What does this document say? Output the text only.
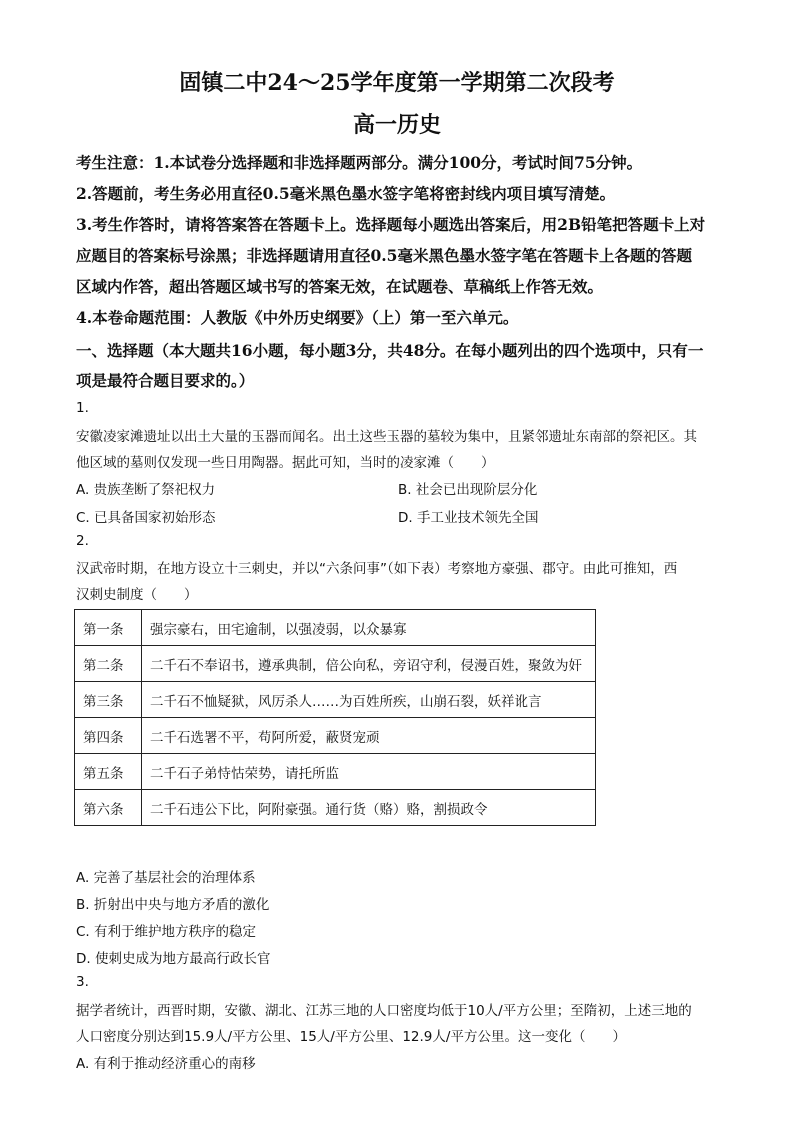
固镇二中24～25学年度第一学期第二次段考
高一历史
考生注意：1.本试卷分选择题和非选择题两部分。满分100分，考试时间75分钟。
2.答题前，考生务必用直径0.5毫米黑色墨水签字笔将密封线内项目填写清楚。
3.考生作答时，请将答案答在答题卡上。选择题每小题选出答案后，用2B铅笔把答题卡上对
应题目的答案标号涂黑；非选择题请用直径0.5毫米黑色墨水签字笔在答题卡上各题的答题
区域内作答，超出答题区域书写的答案无效，在试题卷、草稿纸上作答无效。
4.本卷命题范围：人教版《中外历史纲要》（上）第一至六单元。
一、选择题（本大题共16小题，每小题3分，共48分。在每小题列出的四个选项中，只有一
项是最符合题目要求的。）
1.
安徽凌家滩遗址以出土大量的玉器而闻名。出土这些玉器的墓较为集中，且紧邻遗址东南部的祭祀区。其
他区域的墓则仅发现一些日用陶器。据此可知，当时的凌家滩（　　）
A. 贵族垄断了祭祀权力	B. 社会已出现阶层分化
C. 已具备国家初始形态	D. 手工业技术领先全国
2.
汉武帝时期，在地方设立十三刺史，并以“六条问事”（如下表）考察地方豪强、郡守。由此可推知，西
汉刺史制度（　　）
第一条	强宗豪右，田宅逾制，以强凌弱，以众暴寡
第二条	二千石不奉诏书，遵承典制，倍公向私，旁诏守利，侵漫百姓，聚敛为奸
第三条	二千石不恤疑狱，风厉杀人……为百姓所疾，山崩石裂，妖祥讹言
第四条	二千石选署不平，苟阿所爱，蔽贤宠顽
第五条	二千石子弟恃怙荣势，请托所监
第六条	二千石违公下比，阿附豪强。通行货（赂）赂，割损政令
A. 完善了基层社会的治理体系
B. 折射出中央与地方矛盾的激化
C. 有利于维护地方秩序的稳定
D. 使刺史成为地方最高行政长官
3.
据学者统计，西晋时期，安徽、湖北、江苏三地的人口密度均低于10人/平方公里；至隋初，上述三地的
人口密度分别达到15.9人/平方公里、15人/平方公里、12.9人/平方公里。这一变化（　　）
A. 有利于推动经济重心的南移
